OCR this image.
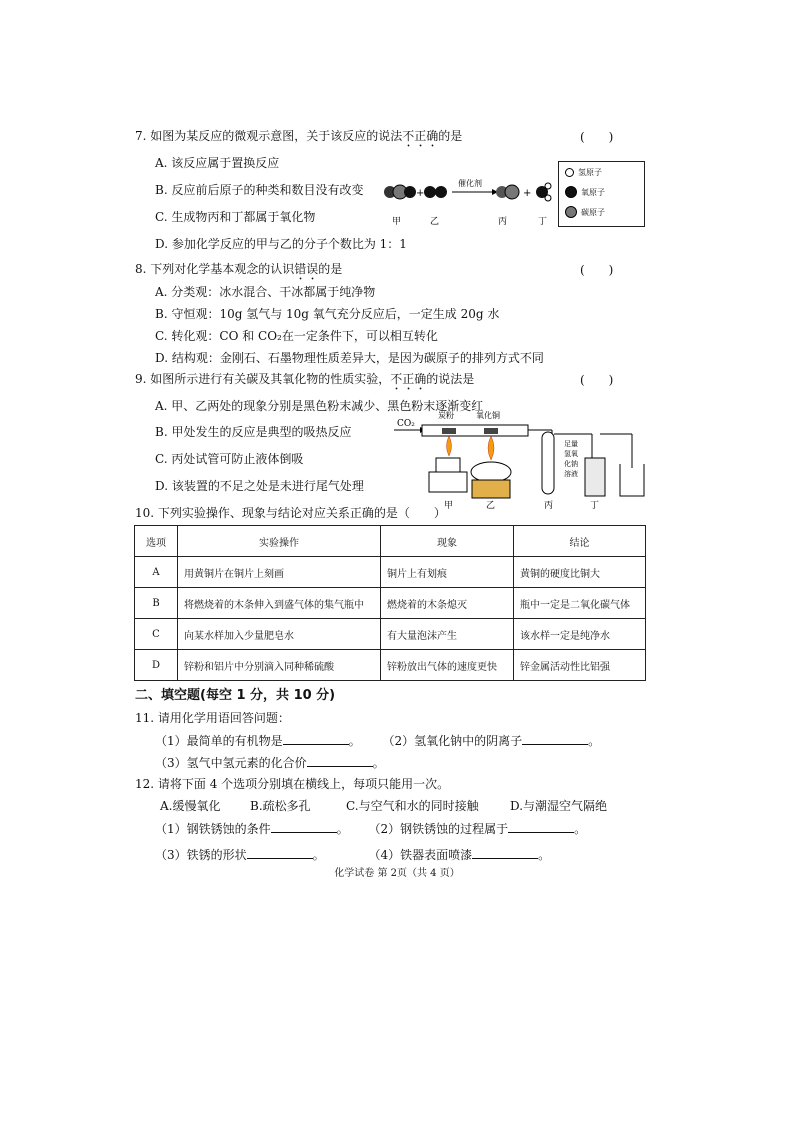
7. 如图为某反应的微观示意图，关于该反应的说法不正确的是	(　　)
A. 该反应属于置换反应
B. 反应前后原子的种类和数目没有改变
C. 生成物丙和丁都属于氧化物
D. 参加化学反应的甲与乙的分子个数比为 1：1
+
催化剂
+
甲	乙	丙	丁
氢原子
氧原子
碳原子
8. 下列对化学基本观念的认识错误的是	(　　)
A. 分类观：冰水混合、干冰都属于纯净物
B. 守恒观：10g 氢气与 10g 氧气充分反应后，一定生成 20g 水
C. 转化观：CO 和 CO₂在一定条件下，可以相互转化
D. 结构观：金刚石、石墨物理性质差异大，是因为碳原子的排列方式不同
9. 如图所示进行有关碳及其氧化物的性质实验，不正确的说法是	(　　)
A. 甲、乙两处的现象分别是黑色粉末减少、黑色粉末逐渐变红
B. 甲处发生的反应是典型的吸热反应
C. 丙处试管可防止液体倒吸
D. 该装置的不足之处是未进行尾气处理
CO₂
炭粉	氧化铜
足量
氢氧
化钠
溶液
甲	乙	丙	丁
10. 下列实验操作、现象与结论对应关系正确的是（　　）
选项	实验操作	现象	结论
A	用黄铜片在铜片上刻画	铜片上有划痕	黄铜的硬度比铜大
B	将燃烧着的木条伸入到盛气体的集气瓶中	燃烧着的木条熄灭	瓶中一定是二氧化碳气体
C	向某水样加入少量肥皂水	有大量泡沫产生	该水样一定是纯净水
D	锌粉和铝片中分别滴入同种稀硫酸	锌粉放出气体的速度更快	锌金属活动性比铝强
二、填空题(每空 1 分，共 10 分)
11. 请用化学用语回答问题：
（1）最简单的有机物是	。 （2）氢氧化钠中的阴离子	。
（3）氢气中氢元素的化合价	。
12. 请将下面 4 个选项分别填在横线上，每项只能用一次。
A.缓慢氧化 B.疏松多孔	C.与空气和水的同时接触	D.与潮湿空气隔绝
（1）钢铁锈蚀的条件	。 （2）钢铁锈蚀的过程属于	。
（3）铁锈的形状	。	（4）铁器表面喷漆	。
化学试卷 第 2页（共 4 页）
